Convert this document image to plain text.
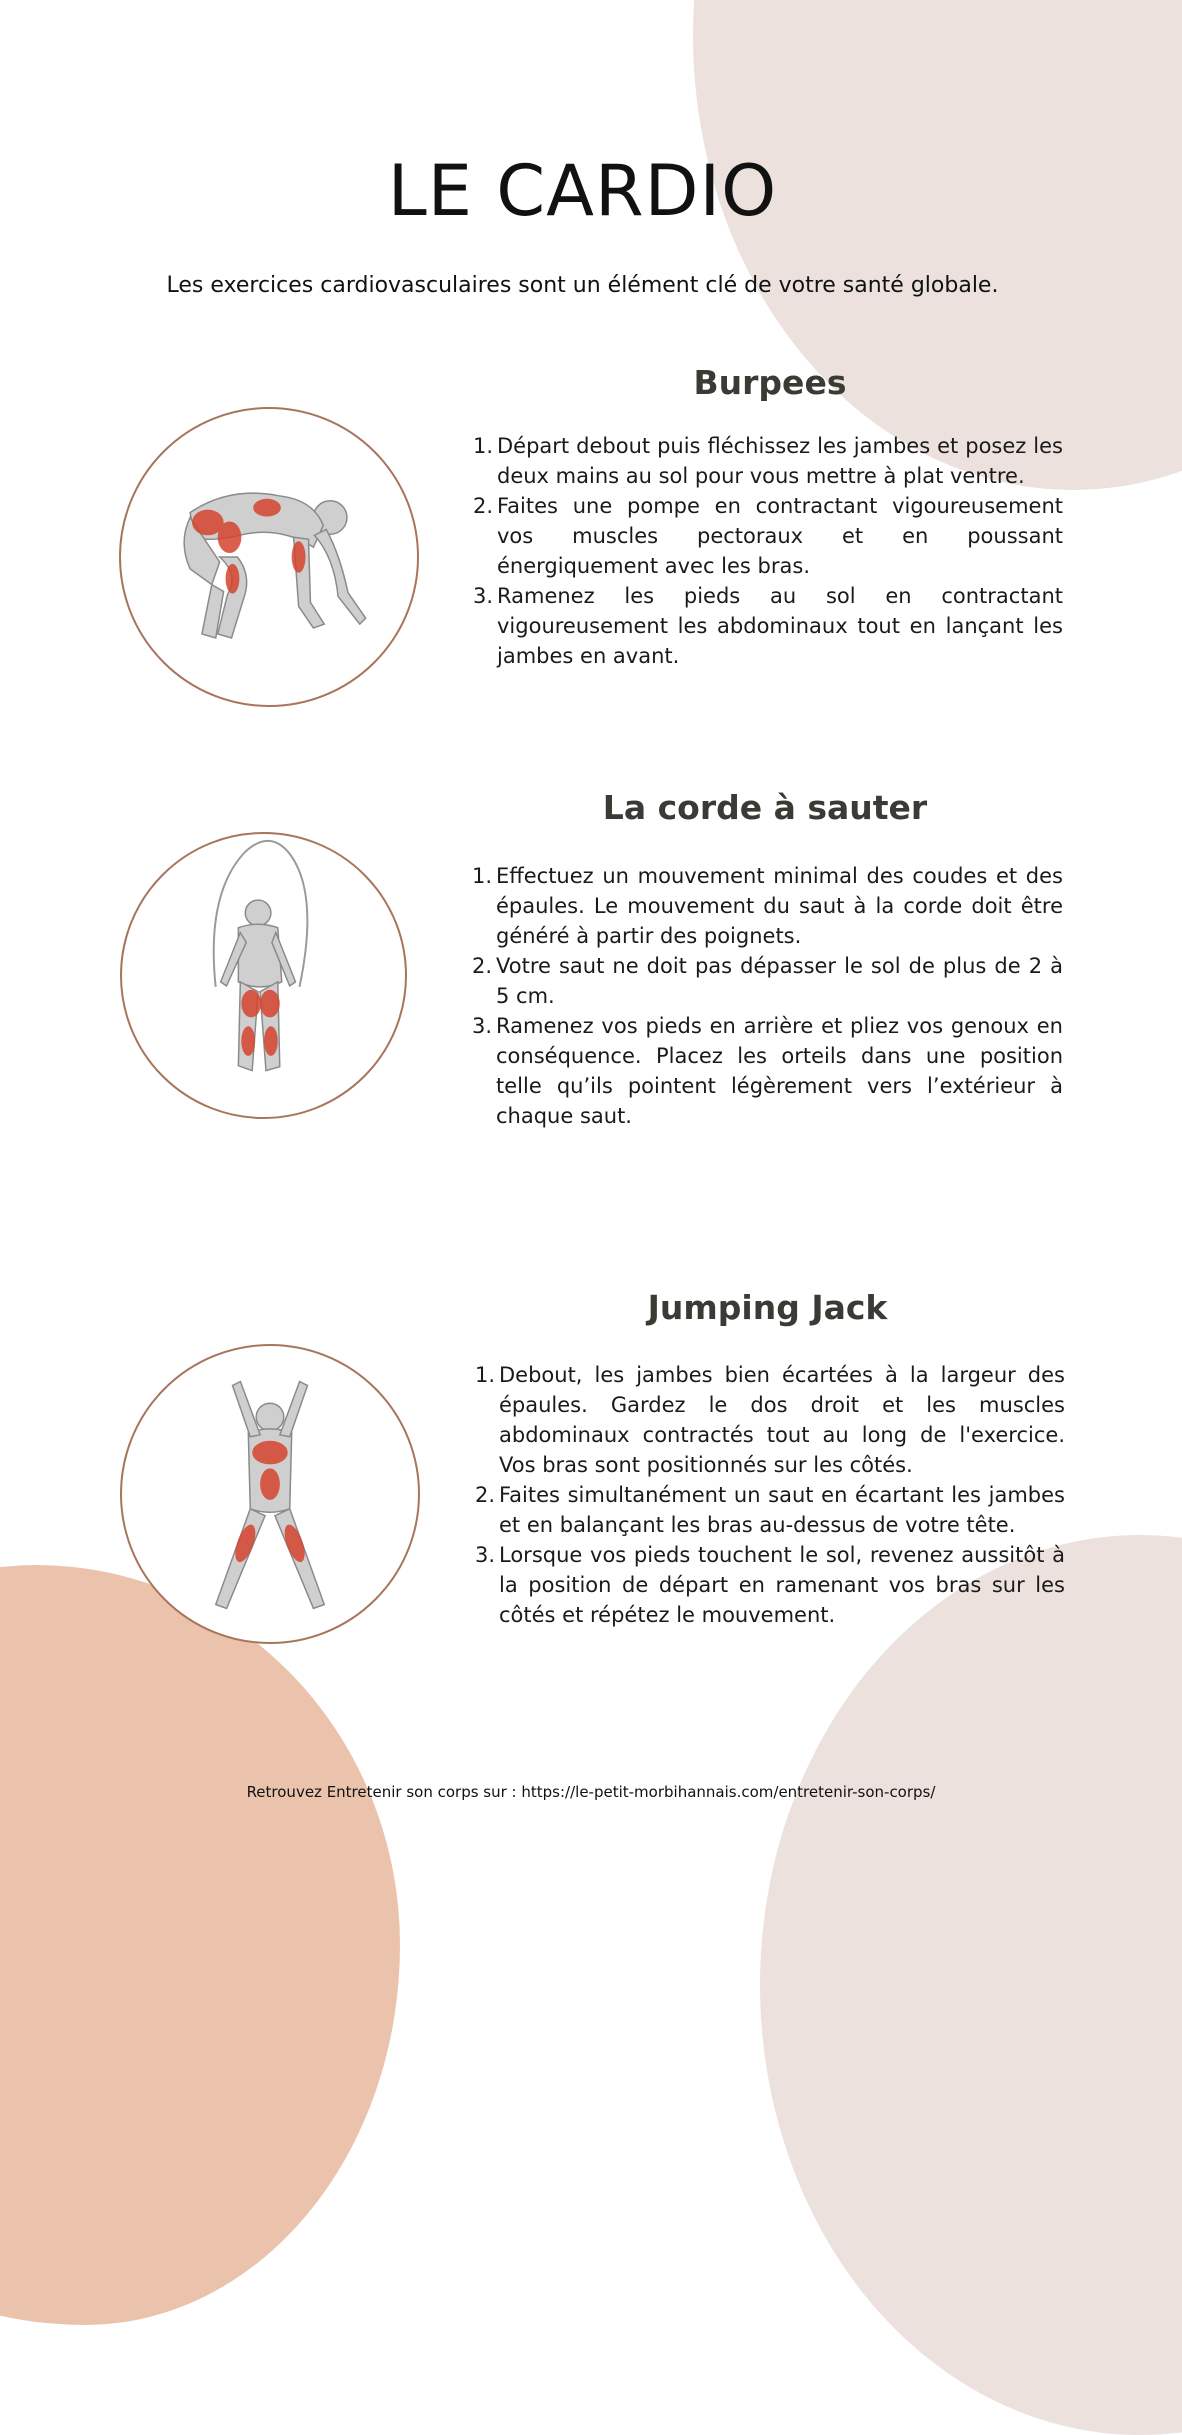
LE CARDIO
Les exercices cardiovasculaires sont un élément clé de votre santé globale.
Burpees
1. Départ debout puis fléchissez les jambes et posez les deux mains au sol pour vous mettre à plat ventre.
2. Faites une pompe en contractant vigoureusement vos muscles pectoraux et en poussant énergiquement avec les bras.
3. Ramenez les pieds au sol en contractant vigoureusement les abdominaux tout en lançant les jambes en avant.
La corde à sauter
1. Effectuez un mouvement minimal des coudes et des épaules. Le mouvement du saut à la corde doit être généré à partir des poignets.
2. Votre saut ne doit pas dépasser le sol de plus de 2 à 5 cm.
3. Ramenez vos pieds en arrière et pliez vos genoux en conséquence. Placez les orteils dans une position telle qu’ils pointent légèrement vers l’extérieur à chaque saut.
Jumping Jack
1. Debout, les jambes bien écartées à la largeur des épaules. Gardez le dos droit et les muscles abdominaux contractés tout au long de l'exercice. Vos bras sont positionnés sur les côtés.
2. Faites simultanément un saut en écartant les jambes et en balançant les bras au-dessus de votre tête.
3. Lorsque vos pieds touchent le sol, revenez aussitôt à la position de départ en ramenant vos bras sur les côtés et répétez le mouvement.
Retrouvez Entretenir son corps sur : https://le-petit-morbihannais.com/entretenir-son-corps/
